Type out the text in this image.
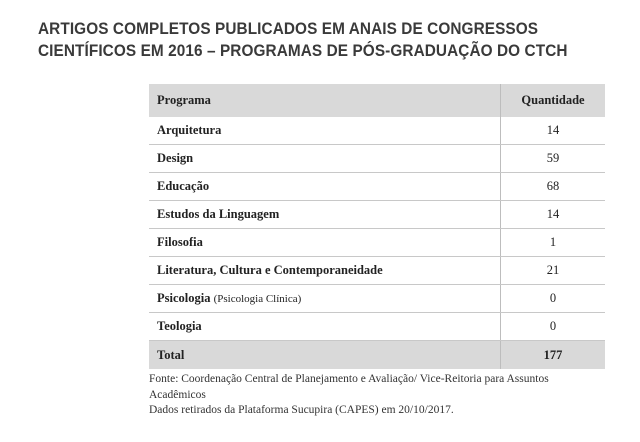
ARTIGOS COMPLETOS PUBLICADOS EM ANAIS DE CONGRESSOS
CIENTÍFICOS EM 2016 – PROGRAMAS DE PÓS-GRADUAÇÃO DO CTCH
Programa	Quantidade
Arquitetura	14
Design	59
Educação	68
Estudos da Linguagem	14
Filosofia	1
Literatura, Cultura e Contemporaneidade	21
Psicologia (Psicologia Clínica)	0
Teologia	0
Total	177
Fonte: Coordenação Central de Planejamento e Avaliação/ Vice-Reitoria para Assuntos
Acadêmicos
Dados retirados da Plataforma Sucupira (CAPES) em 20/10/2017.
